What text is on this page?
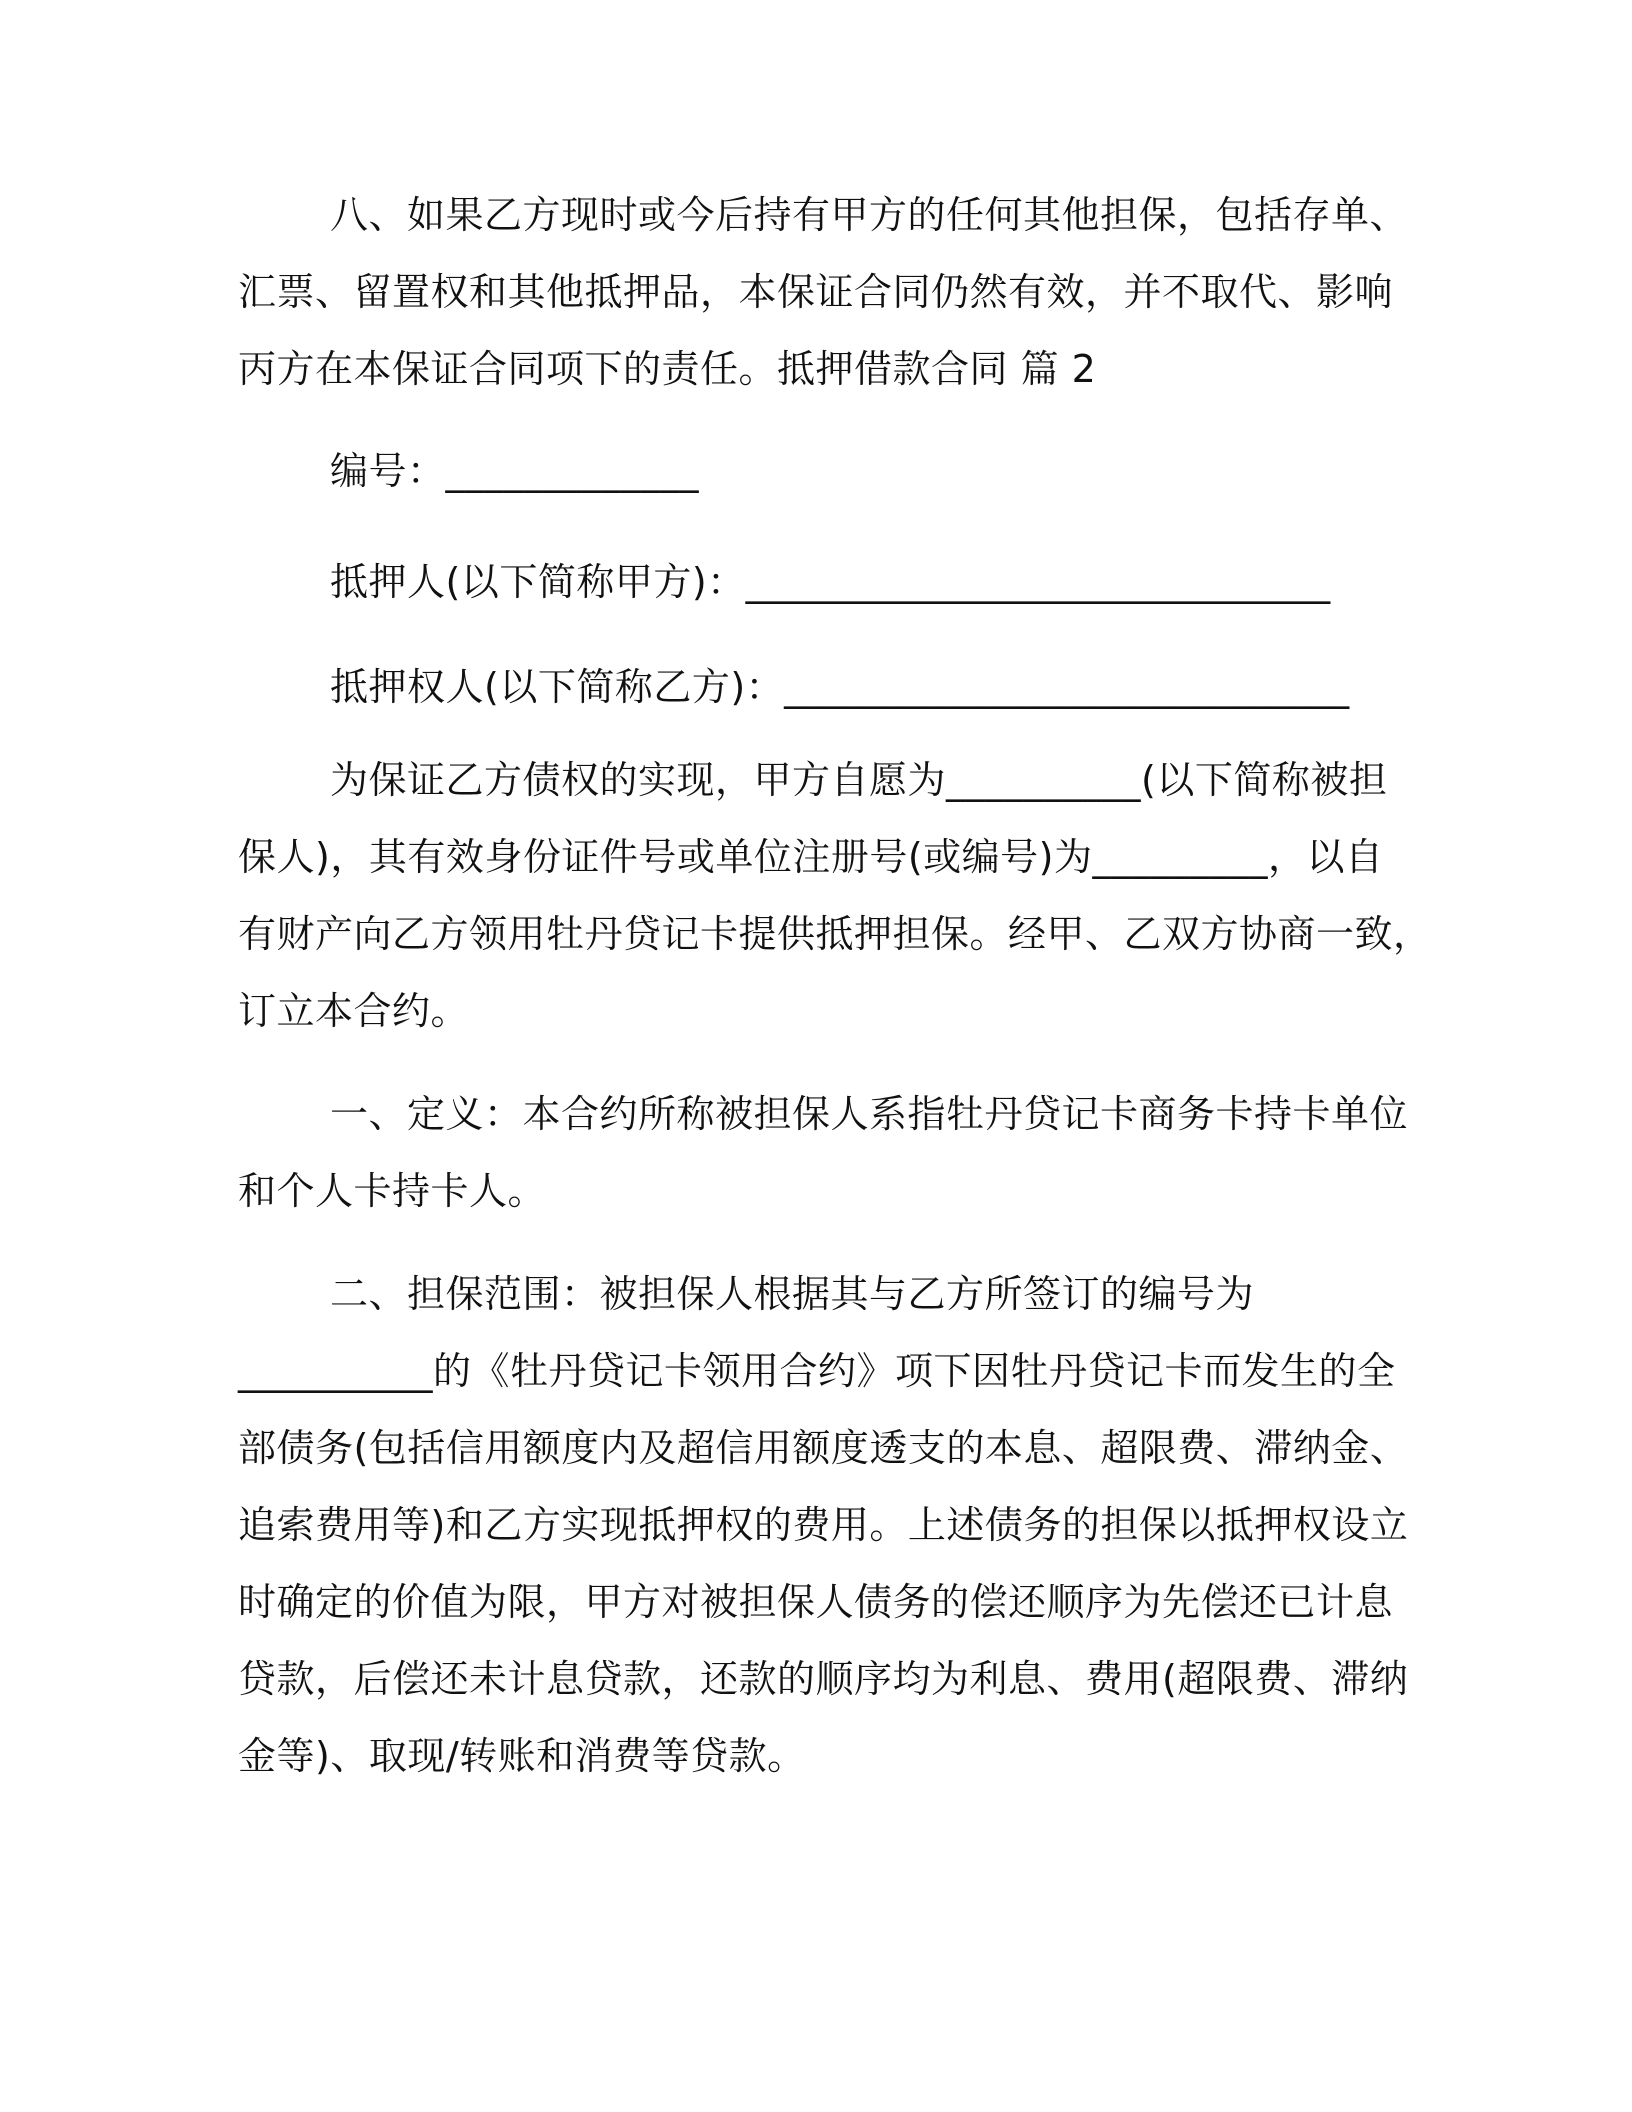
八、如果乙方现时或今后持有甲方的任何其他担保，包括存单、
汇票、留置权和其他抵押品，本保证合同仍然有效，并不取代、影响
丙方在本保证合同项下的责任。抵押借款合同 篇 2
编号：_____________
抵押人(以下简称甲方)：______________________________
抵押权人(以下简称乙方)：_____________________________
为保证乙方债权的实现，甲方自愿为__________(以下简称被担
保人)，其有效身份证件号或单位注册号(或编号)为_________，以自
有财产向乙方领用牡丹贷记卡提供抵押担保。经甲、乙双方协商一致，
订立本合约。
一、定义：本合约所称被担保人系指牡丹贷记卡商务卡持卡单位
和个人卡持卡人。
二、担保范围：被担保人根据其与乙方所签订的编号为
__________的《牡丹贷记卡领用合约》项下因牡丹贷记卡而发生的全
部债务(包括信用额度内及超信用额度透支的本息、超限费、滞纳金、
追索费用等)和乙方实现抵押权的费用。上述债务的担保以抵押权设立
时确定的价值为限，甲方对被担保人债务的偿还顺序为先偿还已计息
贷款，后偿还未计息贷款，还款的顺序均为利息、费用(超限费、滞纳
金等)、取现/转账和消费等贷款。
